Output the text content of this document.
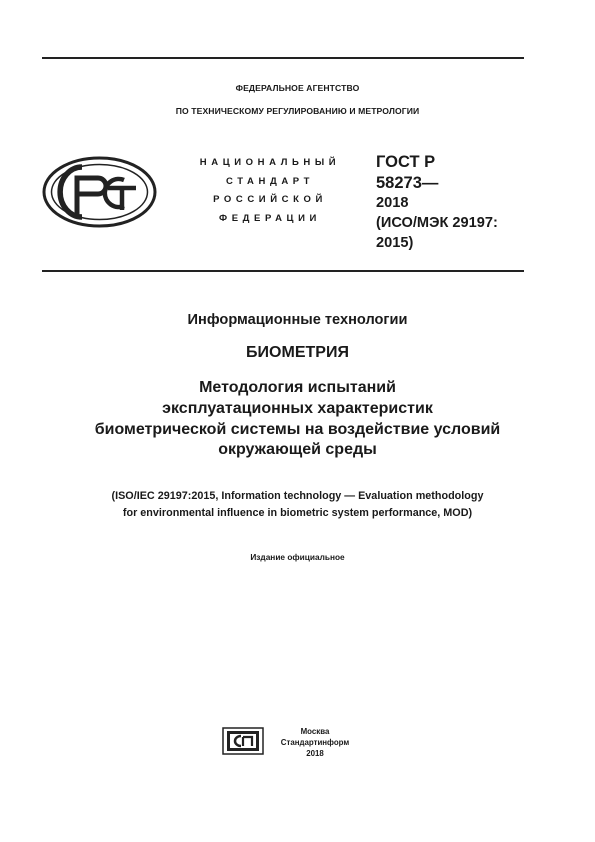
ФЕДЕРАЛЬНОЕ АГЕНТСТВО
ПО ТЕХНИЧЕСКОМУ РЕГУЛИРОВАНИЮ И МЕТРОЛОГИИ
НАЦИОНАЛЬНЫЙ
СТАНДАРТ
РОССИЙСКОЙ
ФЕДЕРАЦИИ
ГОСТ Р
58273—
2018
(ИСО/МЭК 29197:
2015)
Информационные технологии
БИОМЕТРИЯ
Методология испытаний
эксплуатационных характеристик
биометрической системы на воздействие условий
окружающей среды
(ISO/IEC 29197:2015, Information technology — Evaluation methodology
for environmental influence in biometric system performance, MOD)
Издание официальное
Москва
Стандартинформ
2018
